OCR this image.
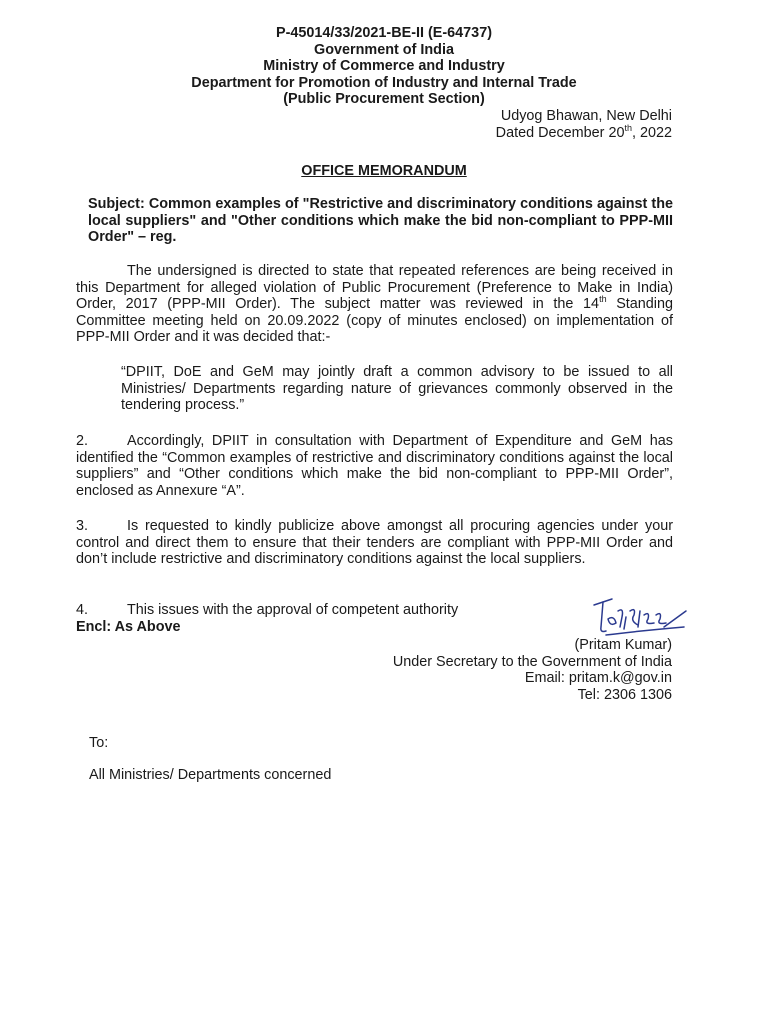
P-45014/33/2021-BE-II (E-64737)
Government of India
Ministry of Commerce and Industry
Department for Promotion of Industry and Internal Trade
(Public Procurement Section)
Udyog Bhawan, New Delhi
Dated December 20th, 2022
OFFICE MEMORANDUM
Subject: Common examples of "Restrictive and discriminatory conditions against the local suppliers" and "Other conditions which make the bid non-compliant to PPP-MII Order" – reg.
The undersigned is directed to state that repeated references are being received in this Department for alleged violation of Public Procurement (Preference to Make in India) Order, 2017 (PPP-MII Order). The subject matter was reviewed in the 14th Standing Committee meeting held on 20.09.2022 (copy of minutes enclosed) on implementation of PPP-MII Order and it was decided that:-
“DPIIT, DoE and GeM may jointly draft a common advisory to be issued to all Ministries/ Departments regarding nature of grievances commonly observed in the tendering process.”
2.	Accordingly, DPIIT in consultation with Department of Expenditure and GeM has identified the “Common examples of restrictive and discriminatory conditions against the local suppliers” and “Other conditions which make the bid non-compliant to PPP-MII Order”, enclosed as Annexure “A”.
3.	Is requested to kindly publicize above amongst all procuring agencies under your control and direct them to ensure that their tenders are compliant with PPP-MII Order and don’t include restrictive and discriminatory conditions against the local suppliers.
4.	This issues with the approval of competent authority
Encl: As Above
(Pritam Kumar)
Under Secretary to the Government of India
Email: pritam.k@gov.in
Tel: 2306 1306
To:
All Ministries/ Departments concerned
